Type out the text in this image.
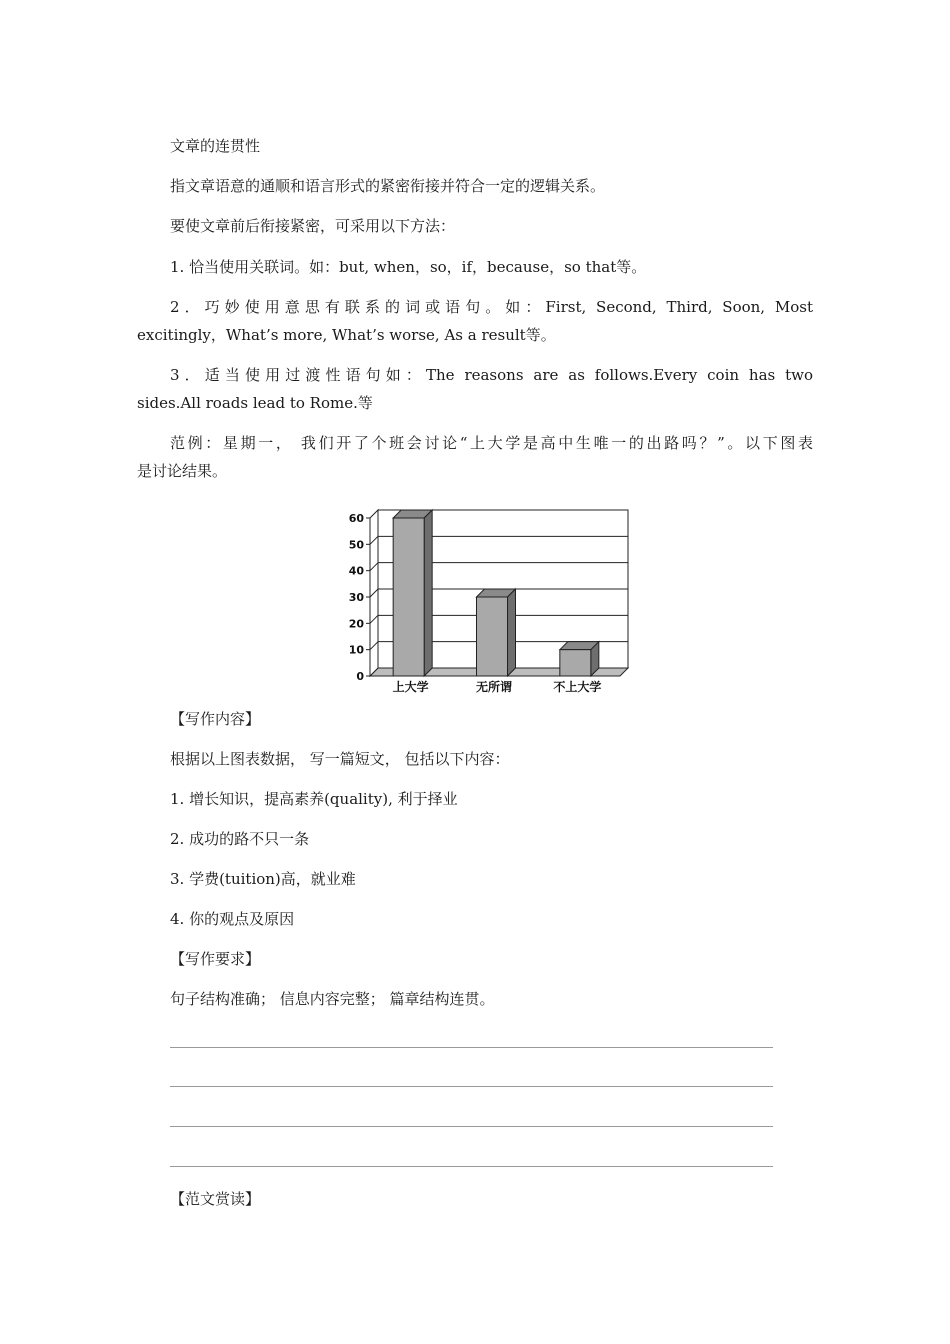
文章的连贯性
指文章语意的通顺和语言形式的紧密衔接并符合一定的逻辑关系。
要使文章前后衔接紧密，可采用以下方法：
1. 恰当使用关联词。如：but, when，so，if，because，so that等。
2．巧妙使用意思有联系的词或语句。如：First, Second, Third, Soon, Most
excitingly，What’s more, What’s worse, As a result等。
3．适当使用过渡性语句如：The reasons are as follows.Every coin has two
sides.All roads lead to Rome.等
范例：星期一， 我们开了个班会讨论“上大学是高中生唯一的出路吗？”。以下图表
是讨论结果。
0
10
20
30
40
50
60
上大学	无所谓	不上大学
【写作内容】
根据以上图表数据， 写一篇短文， 包括以下内容：
1. 增长知识，提高素养(quality), 利于择业
2. 成功的路不只一条
3. 学费(tuition)高，就业难
4. 你的观点及原因
【写作要求】
句子结构准确； 信息内容完整； 篇章结构连贯。
【范文赏读】
